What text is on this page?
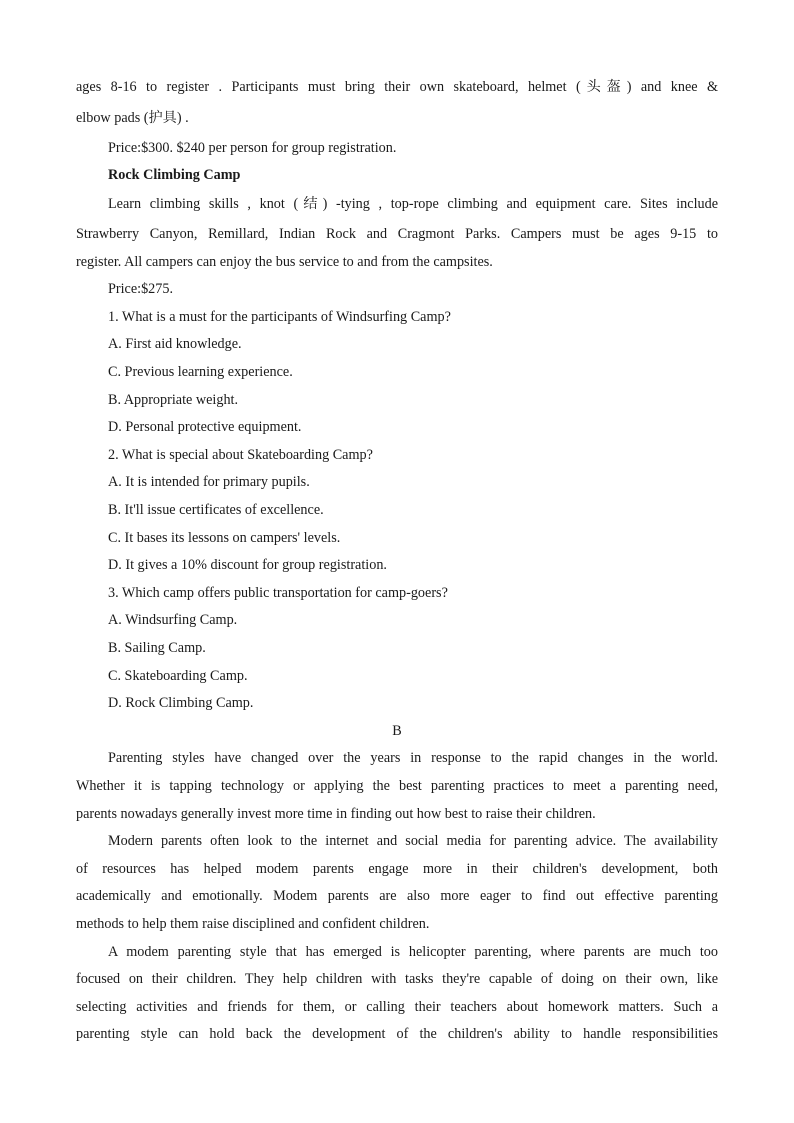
ages 8-16 to register . Participants must bring their own skateboard, helmet (头盔) and knee &
elbow pads (护具) .
Price:$300. $240 per person for group registration.
Rock Climbing Camp
Learn climbing skills , knot (结) -tying , top-rope climbing and equipment care. Sites include
Strawberry Canyon, Remillard, Indian Rock and Cragmont Parks. Campers must be ages 9-15 to
register. All campers can enjoy the bus service to and from the campsites.
Price:$275.
1. What is a must for the participants of Windsurfing Camp?
A. First aid knowledge.
C. Previous learning experience.
B. Appropriate weight.
D. Personal protective equipment.
2. What is special about Skateboarding Camp?
A. It is intended for primary pupils.
B. It'll issue certificates of excellence.
C. It bases its lessons on campers' levels.
D. It gives a 10% discount for group registration.
3. Which camp offers public transportation for camp-goers?
A. Windsurfing Camp.
B. Sailing Camp.
C. Skateboarding Camp.
D. Rock Climbing Camp.
B
Parenting styles have changed over the years in response to the rapid changes in the world.
Whether it is tapping technology or applying the best parenting practices to meet a parenting need,
parents nowadays generally invest more time in finding out how best to raise their children.
Modern parents often look to the internet and social media for parenting advice. The availability
of resources has helped modem parents engage more in their children's development, both
academically and emotionally. Modem parents are also more eager to find out effective parenting
methods to help them raise disciplined and confident children.
A modem parenting style that has emerged is helicopter parenting, where parents are much too
focused on their children. They help children with tasks they're capable of doing on their own, like
selecting activities and friends for them, or calling their teachers about homework matters. Such a
parenting style can hold back the development of the children's ability to handle responsibilities
